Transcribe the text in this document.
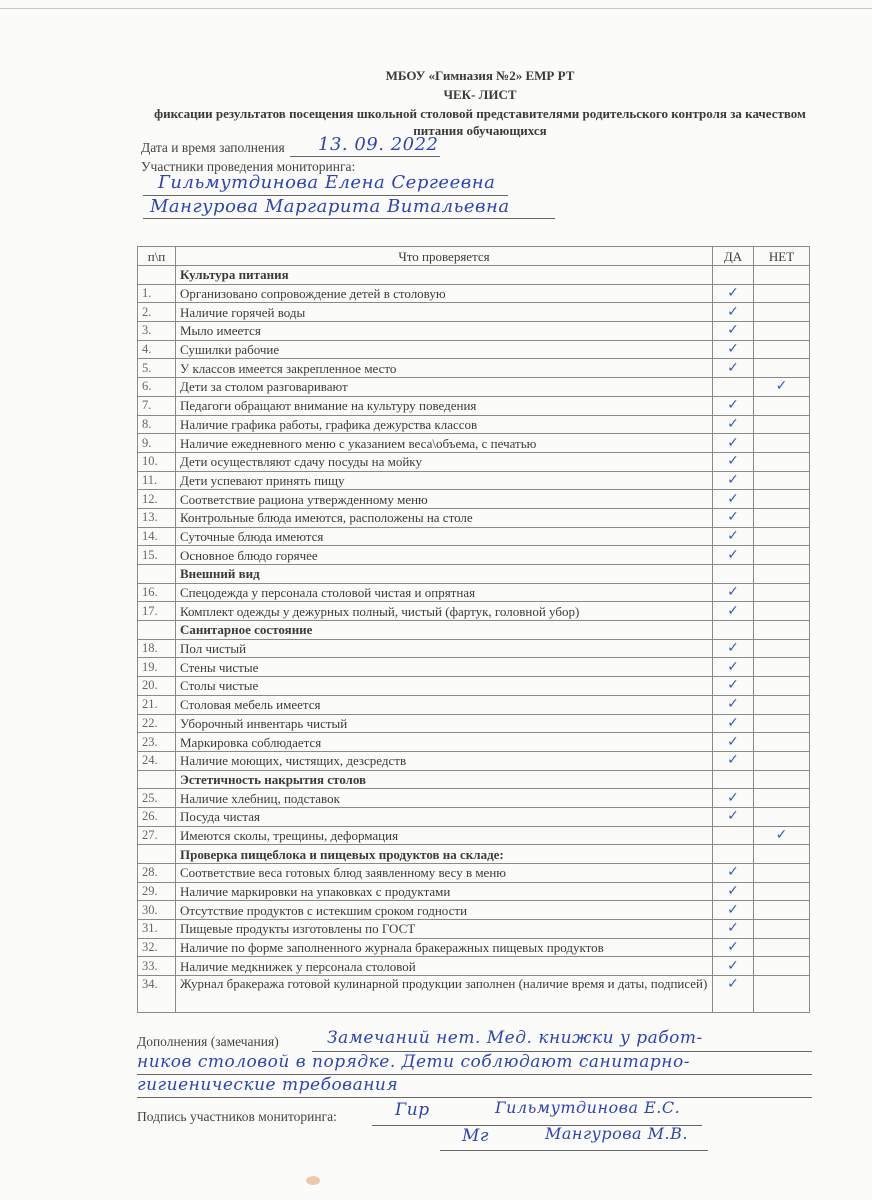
МБОУ «Гимназия №2» ЕМР РТ
ЧЕК- ЛИСТ
фиксации результатов посещения школьной столовой представителями родительского контроля за качеством питания обучающихся
Дата и время заполнения 13. 09. 2022
Участники проведения мониторинга:
Гильмутдинова Елена Сергеевна
Мангурова Маргарита Витальевна
п\п	Что проверяется	ДА	НЕТ
	Культура питания		
1.	Организовано сопровождение детей в столовую	✓	
2.	Наличие горячей воды	✓	
3.	Мыло имеется	✓	
4.	Сушилки рабочие	✓	
5.	У классов имеется закрепленное место	✓	
6.	Дети за столом разговаривают		✓
7.	Педагоги обращают внимание на культуру поведения	✓	
8.	Наличие графика работы, графика дежурства классов	✓	
9.	Наличие ежедневного меню с указанием веса\объема, с печатью	✓	
10.	Дети осуществляют сдачу посуды на мойку	✓	
11.	Дети успевают принять пищу	✓	
12.	Соответствие рациона утвержденному меню	✓	
13.	Контрольные блюда имеются, расположены на столе	✓	
14.	Суточные блюда имеются	✓	
15.	Основное блюдо горячее	✓	
	Внешний вид		
16.	Спецодежда у персонала столовой чистая и опрятная	✓	
17.	Комплект одежды у дежурных полный, чистый (фартук, головной убор)	✓	
	Санитарное состояние		
18.	Пол чистый	✓	
19.	Стены чистые	✓	
20.	Столы чистые	✓	
21.	Столовая мебель имеется	✓	
22.	Уборочный инвентарь чистый	✓	
23.	Маркировка соблюдается	✓	
24.	Наличие моющих, чистящих, дезсредств	✓	
	Эстетичность накрытия столов		
25.	Наличие хлебниц, подставок	✓	
26.	Посуда чистая	✓	
27.	Имеются сколы, трещины, деформация		✓
	Проверка пищеблока и пищевых продуктов на складе:		
28.	Соответствие веса готовых блюд заявленному весу в меню	✓	
29.	Наличие маркировки на упаковках с продуктами	✓	
30.	Отсутствие продуктов с истекшим сроком годности	✓	
31.	Пищевые продукты изготовлены по ГОСТ	✓	
32.	Наличие по форме заполненного журнала бракеражных пищевых продуктов	✓	
33.	Наличие медкнижек у персонала столовой	✓	
34.	Журнал бракеража готовой кулинарной продукции заполнен (наличие время и даты, подписей)	✓	
Дополнения (замечания)	Замечаний нет. Мед. книжки у работ-
ников столовой в порядке. Дети соблюдают санитарно-
гигиенические требования
Подпись участников мониторинга:	Гир	Гильмутдинова Е.С.
Мг	Мангурова М.В.
